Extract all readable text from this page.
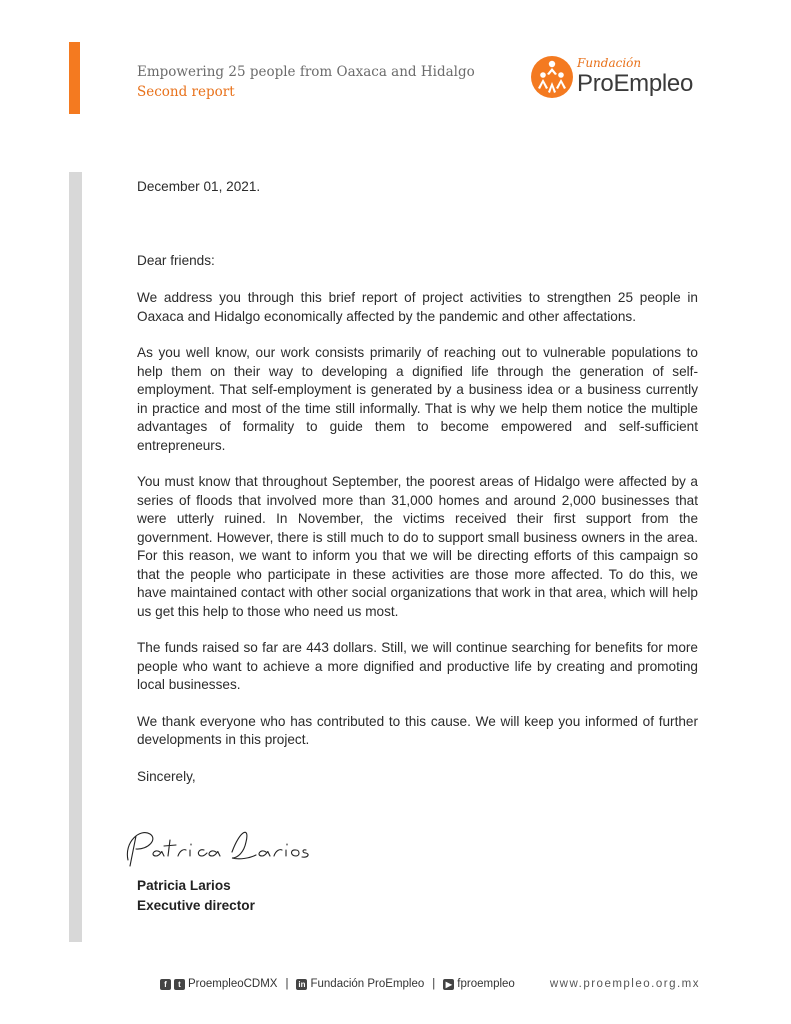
Empowering 25 people from Oaxaca and Hidalgo
Second report
Fundación
ProEmpleo

December 01, 2021.

Dear friends:

We address you through this brief report of project activities to strengthen 25 people in Oaxaca and Hidalgo economically affected by the pandemic and other affectations.

As you well know, our work consists primarily of reaching out to vulnerable populations to help them on their way to developing a dignified life through the generation of self-employment. That self-employment is generated by a business idea or a business currently in practice and most of the time still informally. That is why we help them notice the multiple advantages of formality to guide them to become empowered and self-sufficient entrepreneurs.

You must know that throughout September, the poorest areas of Hidalgo were affected by a series of floods that involved more than 31,000 homes and around 2,000 businesses that were utterly ruined. In November, the victims received their first support from the government. However, there is still much to do to support small business owners in the area. For this reason, we want to inform you that we will be directing efforts of this campaign so that the people who participate in these activities are those more affected. To do this, we have maintained contact with other social organizations that work in that area, which will help us get this help to those who need us most.

The funds raised so far are 443 dollars. Still, we will continue searching for benefits for more people who want to achieve a more dignified and productive life by creating and promoting local businesses.

We thank everyone who has contributed to this cause. We will keep you informed of further developments in this project.

Sincerely,

Patricia Larios
Executive director
f	t ProempleoCDMX | in Fundación ProEmpleo |	▶ fproempleo	www.proempleo.org.mx
